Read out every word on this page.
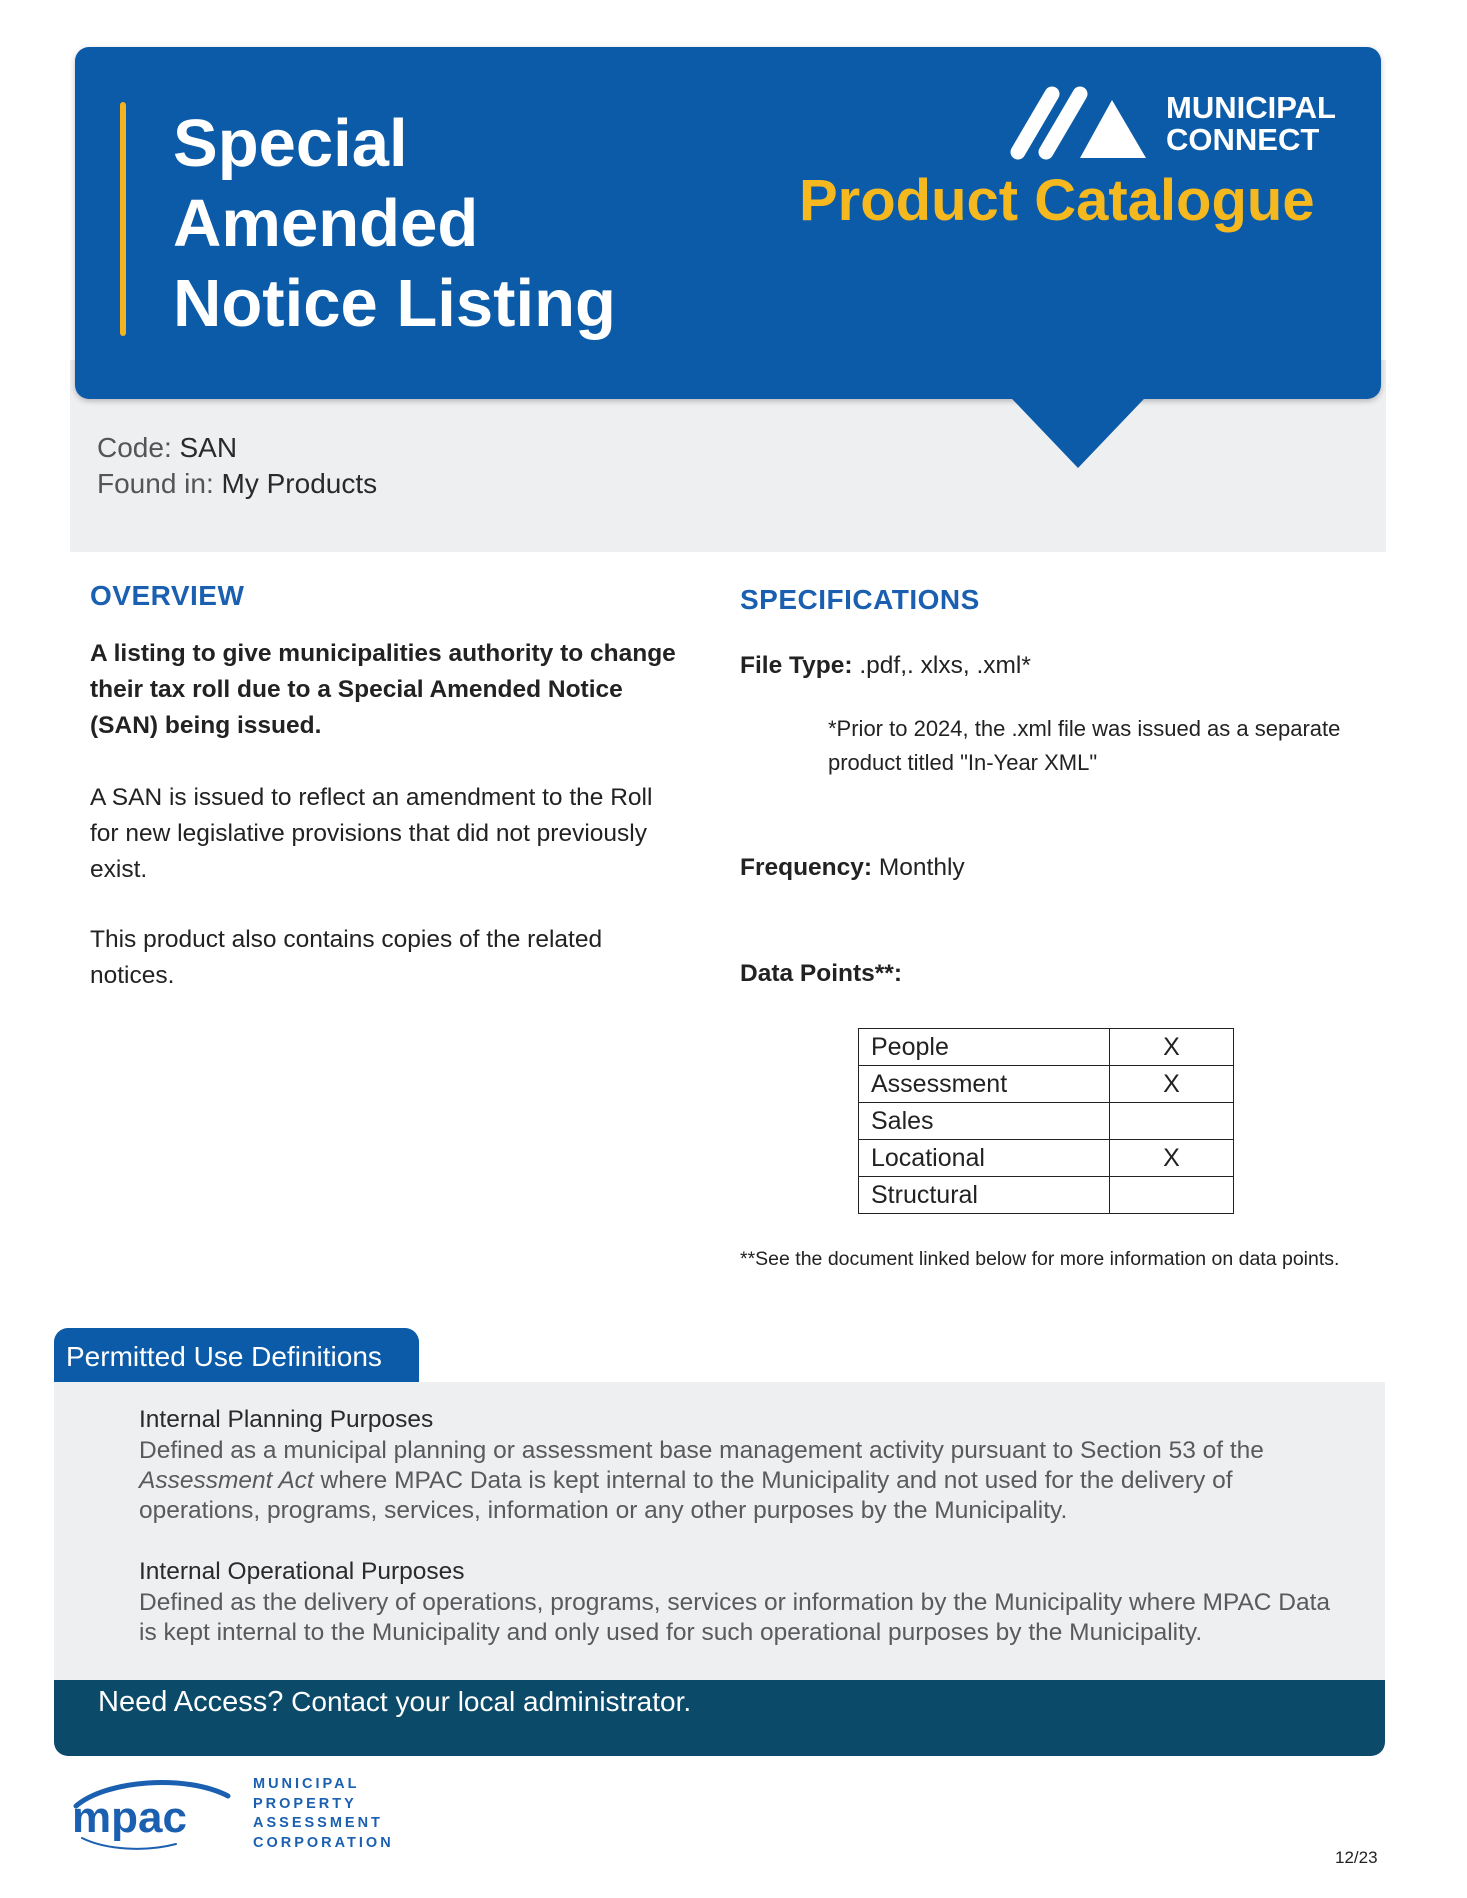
Special
Amended
Notice Listing
MUNICIPAL
CONNECT
Product Catalogue
Code: SAN
Found in: My Products
OVERVIEW
A listing to give municipalities authority to change their tax roll due to a Special Amended Notice (SAN) being issued.
A SAN is issued to reflect an amendment to the Roll for new legislative provisions that did not previously exist.
This product also contains copies of the related notices.
SPECIFICATIONS
File Type: .pdf,. xlxs, .xml*
*Prior to 2024, the .xml file was issued as a separate product titled "In-Year XML"
Frequency: Monthly
Data Points**:
People	X
Assessment	X
Sales	
Locational	X
Structural	
**See the document linked below for more information on data points.
Permitted Use Definitions
Internal Planning Purposes
Defined as a municipal planning or assessment base management activity pursuant to Section 53 of the Assessment Act where MPAC Data is kept internal to the Municipality and not used for the delivery of operations, programs, services, information or any other purposes by the Municipality.
Internal Operational Purposes
Defined as the delivery of operations, programs, services or information by the Municipality where MPAC Data is kept internal to the Municipality and only used for such operational purposes by the Municipality.
Need Access? Contact your local administrator.
mpac
MUNICIPAL
PROPERTY
ASSESSMENT
CORPORATION
12/23
